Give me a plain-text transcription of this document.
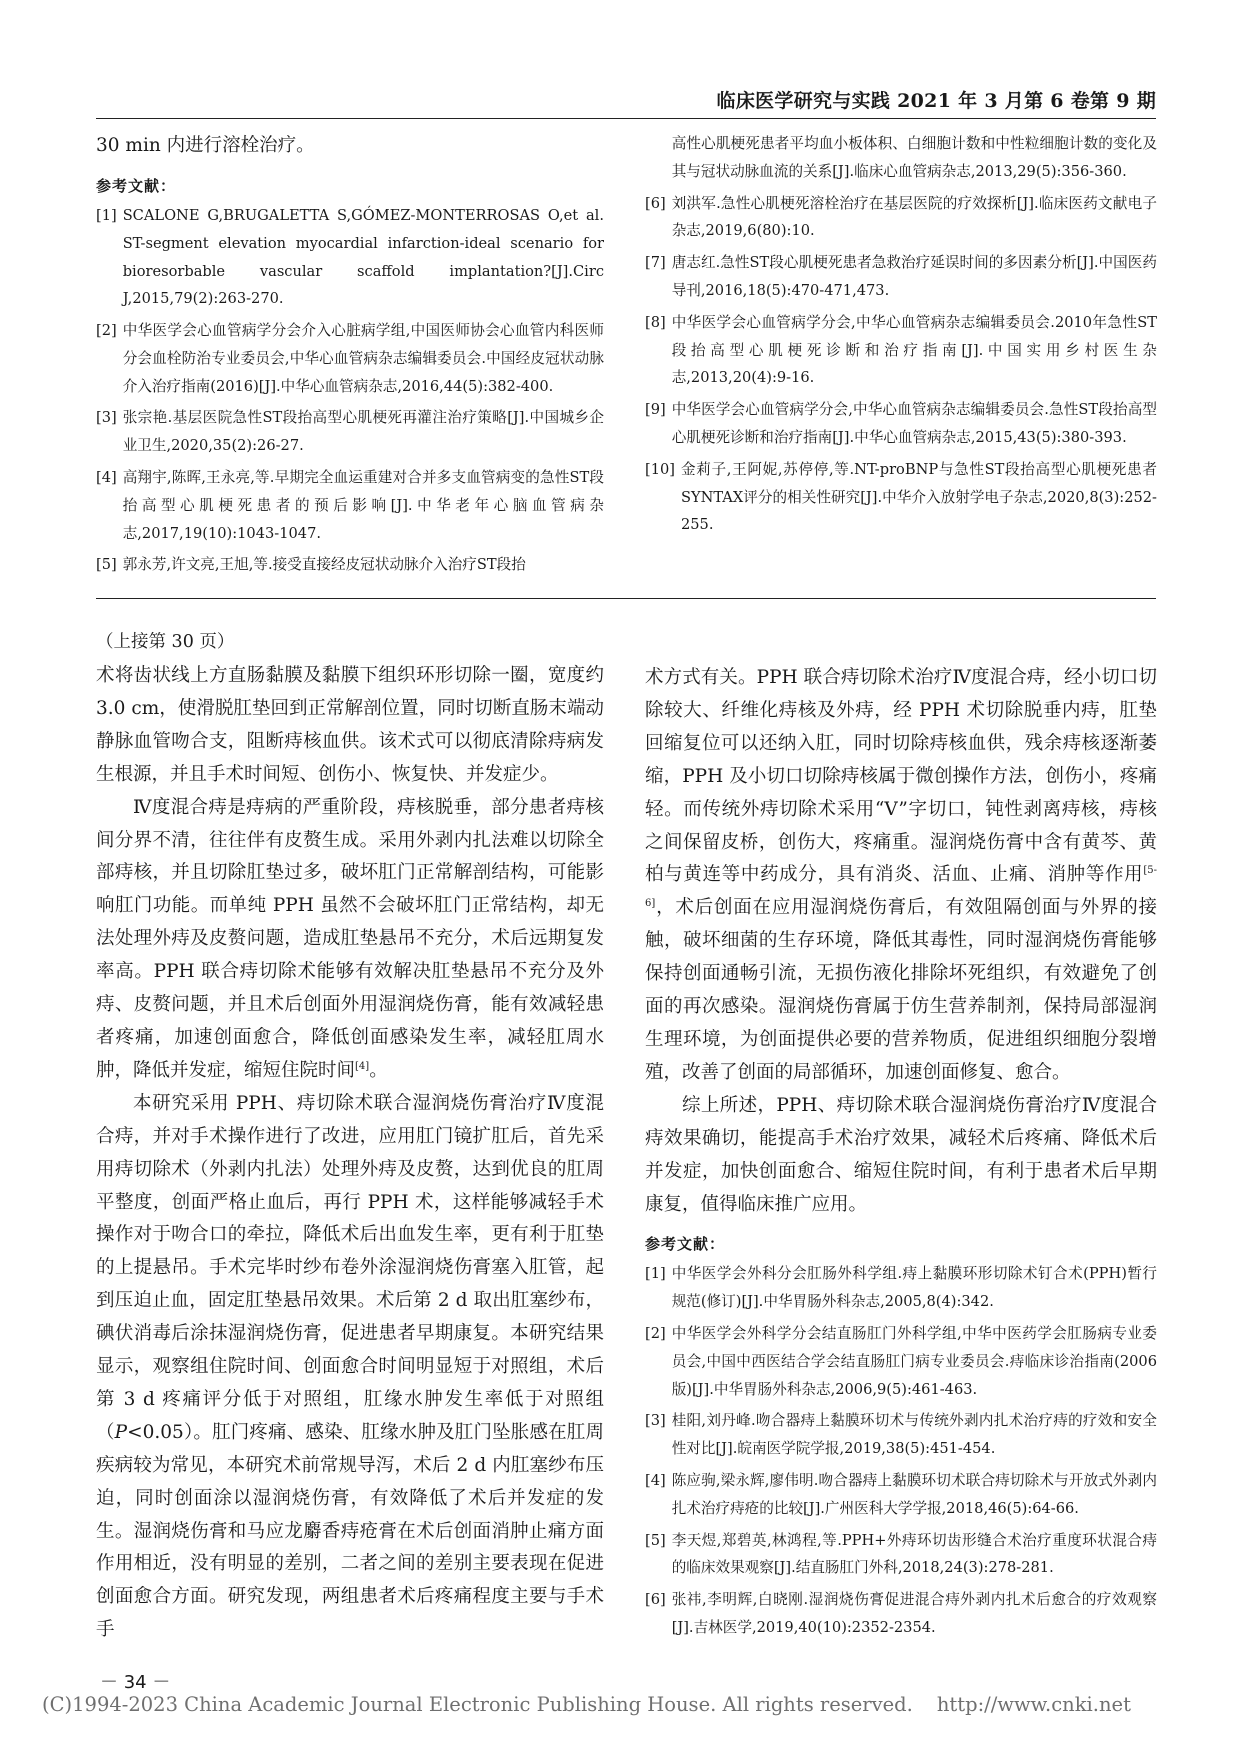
临床医学研究与实践 2021 年 3 月第 6 卷第 9 期

30 min 内进行溶栓治疗。

参考文献：
[1] SCALONE G,BRUGALETTA S,GÓMEZ-MONTERROSAS O,et al. ST-segment elevation myocardial infarction-ideal scenario for bioresorbable vascular scaffold implantation?[J].Circ J,2015,79(2):263-270.
[2] 中华医学会心血管病学分会介入心脏病学组,中国医师协会心血管内科医师分会血栓防治专业委员会,中华心血管病杂志编辑委员会.中国经皮冠状动脉介入治疗指南(2016)[J].中华心血管病杂志,2016,44(5):382-400.
[3] 张宗艳.基层医院急性ST段抬高型心肌梗死再灌注治疗策略[J].中国城乡企业卫生,2020,35(2):26-27.
[4] 高翔宇,陈晖,王永亮,等.早期完全血运重建对合并多支血管病变的急性ST段抬高型心肌梗死患者的预后影响[J].中华老年心脑血管病杂志,2017,19(10):1043-1047.
[5] 郭永芳,许文亮,王旭,等.接受直接经皮冠状动脉介入治疗ST段抬
高性心肌梗死患者平均血小板体积、白细胞计数和中性粒细胞计数的变化及其与冠状动脉血流的关系[J].临床心血管病杂志,2013,29(5):356-360.
[6] 刘洪军.急性心肌梗死溶栓治疗在基层医院的疗效探析[J].临床医药文献电子杂志,2019,6(80):10.
[7] 唐志红.急性ST段心肌梗死患者急救治疗延误时间的多因素分析[J].中国医药导刊,2016,18(5):470-471,473.
[8] 中华医学会心血管病学分会,中华心血管病杂志编辑委员会.2010年急性ST段抬高型心肌梗死诊断和治疗指南[J].中国实用乡村医生杂志,2013,20(4):9-16.
[9] 中华医学会心血管病学分会,中华心血管病杂志编辑委员会.急性ST段抬高型心肌梗死诊断和治疗指南[J].中华心血管病杂志,2015,43(5):380-393.
[10] 金莉子,王阿妮,苏停停,等.NT-proBNP与急性ST段抬高型心肌梗死患者SYNTAX评分的相关性研究[J].中华介入放射学电子杂志,2020,8(3):252-255.

（上接第 30 页）

术将齿状线上方直肠黏膜及黏膜下组织环形切除一圈，宽度约 3.0 cm，使滑脱肛垫回到正常解剖位置，同时切断直肠末端动静脉血管吻合支，阻断痔核血供。该术式可以彻底清除痔病发生根源，并且手术时间短、创伤小、恢复快、并发症少。

Ⅳ度混合痔是痔病的严重阶段，痔核脱垂，部分患者痔核间分界不清，往往伴有皮赘生成。采用外剥内扎法难以切除全部痔核，并且切除肛垫过多，破坏肛门正常解剖结构，可能影响肛门功能。而单纯 PPH 虽然不会破坏肛门正常结构，却无法处理外痔及皮赘问题，造成肛垫悬吊不充分，术后远期复发率高。PPH 联合痔切除术能够有效解决肛垫悬吊不充分及外痔、皮赘问题，并且术后创面外用湿润烧伤膏，能有效减轻患者疼痛，加速创面愈合，降低创面感染发生率，减轻肛周水肿，降低并发症，缩短住院时间[4]。

本研究采用 PPH、痔切除术联合湿润烧伤膏治疗Ⅳ度混合痔，并对手术操作进行了改进，应用肛门镜扩肛后，首先采用痔切除术（外剥内扎法）处理外痔及皮赘，达到优良的肛周平整度，创面严格止血后，再行 PPH 术，这样能够减轻手术操作对于吻合口的牵拉，降低术后出血发生率，更有利于肛垫的上提悬吊。手术完毕时纱布卷外涂湿润烧伤膏塞入肛管，起到压迫止血，固定肛垫悬吊效果。术后第 2 d 取出肛塞纱布，碘伏消毒后涂抹湿润烧伤膏，促进患者早期康复。本研究结果显示，观察组住院时间、创面愈合时间明显短于对照组，术后第 3 d 疼痛评分低于对照组，肛缘水肿发生率低于对照组（P<0.05）。肛门疼痛、感染、肛缘水肿及肛门坠胀感在肛周疾病较为常见，本研究术前常规导泻，术后 2 d 内肛塞纱布压迫，同时创面涂以湿润烧伤膏，有效降低了术后并发症的发生。湿润烧伤膏和马应龙麝香痔疮膏在术后创面消肿止痛方面作用相近，没有明显的差别，二者之间的差别主要表现在促进创面愈合方面。研究发现，两组患者术后疼痛程度主要与手术手

术方式有关。PPH 联合痔切除术治疗Ⅳ度混合痔，经小切口切除较大、纤维化痔核及外痔，经 PPH 术切除脱垂内痔，肛垫回缩复位可以还纳入肛，同时切除痔核血供，残余痔核逐渐萎缩，PPH 及小切口切除痔核属于微创操作方法，创伤小，疼痛轻。而传统外痔切除术采用“V”字切口，钝性剥离痔核，痔核之间保留皮桥，创伤大，疼痛重。湿润烧伤膏中含有黄芩、黄柏与黄连等中药成分，具有消炎、活血、止痛、消肿等作用[5-6]，术后创面在应用湿润烧伤膏后，有效阻隔创面与外界的接触，破坏细菌的生存环境，降低其毒性，同时湿润烧伤膏能够保持创面通畅引流，无损伤液化排除坏死组织，有效避免了创面的再次感染。湿润烧伤膏属于仿生营养制剂，保持局部湿润生理环境，为创面提供必要的营养物质，促进组织细胞分裂增殖，改善了创面的局部循环，加速创面修复、愈合。

综上所述，PPH、痔切除术联合湿润烧伤膏治疗Ⅳ度混合痔效果确切，能提高手术治疗效果，减轻术后疼痛、降低术后并发症，加快创面愈合、缩短住院时间，有利于患者术后早期康复，值得临床推广应用。

参考文献：
[1] 中华医学会外科分会肛肠外科学组.痔上黏膜环形切除术钉合术(PPH)暂行规范(修订)[J].中华胃肠外科杂志,2005,8(4):342.
[2] 中华医学会外科学分会结直肠肛门外科学组,中华中医药学会肛肠病专业委员会,中国中西医结合学会结直肠肛门病专业委员会.痔临床诊治指南(2006版)[J].中华胃肠外科杂志,2006,9(5):461-463.
[3] 桂阳,刘丹峰.吻合器痔上黏膜环切术与传统外剥内扎术治疗痔的疗效和安全性对比[J].皖南医学院学报,2019,38(5):451-454.
[4] 陈应驹,梁永辉,廖伟明.吻合器痔上黏膜环切术联合痔切除术与开放式外剥内扎术治疗痔疮的比较[J].广州医科大学学报,2018,46(5):64-66.
[5] 李天煜,郑碧英,林鸿程,等.PPH+外痔环切齿形缝合术治疗重度环状混合痔的临床效果观察[J].结直肠肛门外科,2018,24(3):278-281.
[6] 张祎,李明辉,白晓刚.湿润烧伤膏促进混合痔外剥内扎术后愈合的疗效观察[J].吉林医学,2019,40(10):2352-2354.
－ 34 －
(C)1994-2023 China Academic Journal Electronic Publishing House. All rights reserved. http://www.cnki.net
